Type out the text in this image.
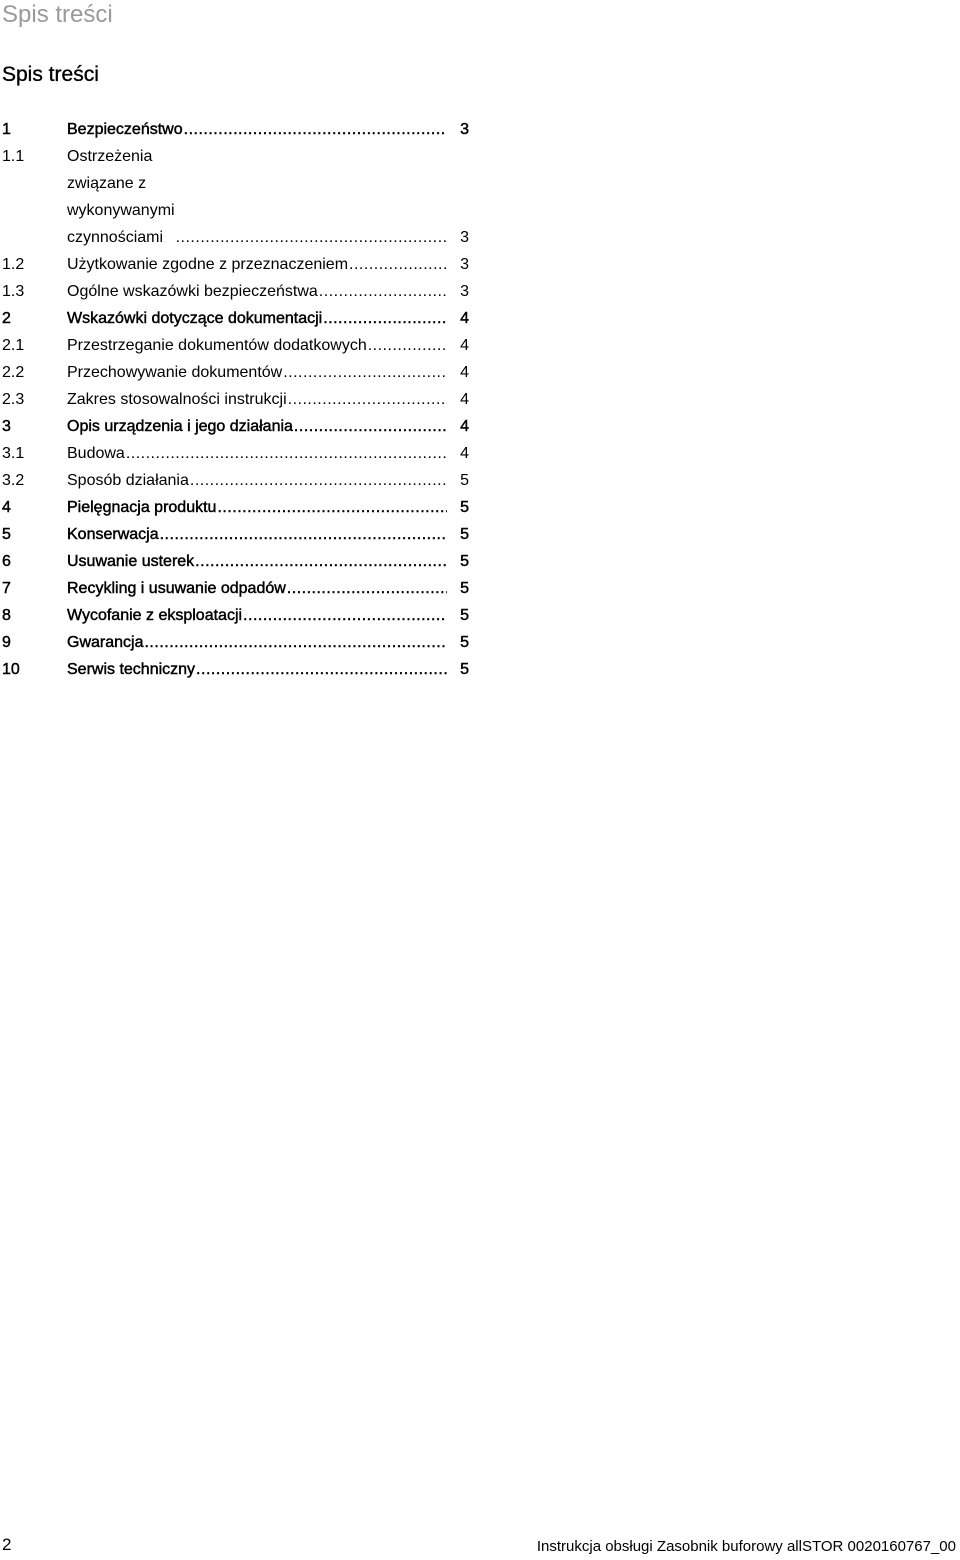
Spis treści
Spis treści
1	Bezpieczeństwo .....	3
1.1	Ostrzeżenia związane z wykonywanymi czynnościami .....	3
1.2	Użytkowanie zgodne z przeznaczeniem .....	3
1.3	Ogólne wskazówki bezpieczeństwa .....	3
2	Wskazówki dotyczące dokumentacji .....	4
2.1	Przestrzeganie dokumentów dodatkowych .....	4
2.2	Przechowywanie dokumentów .....	4
2.3	Zakres stosowalności instrukcji .....	4
3	Opis urządzenia i jego działania .....	4
3.1	Budowa .....	4
3.2	Sposób działania .....	5
4	Pielęgnacja produktu .....	5
5	Konserwacja .....	5
6	Usuwanie usterek .....	5
7	Recykling i usuwanie odpadów .....	5
8	Wycofanie z eksploatacji .....	5
9	Gwarancja .....	5
10	Serwis techniczny .....	5
2	Instrukcja obsługi Zasobnik buforowy allSTOR 0020160767_00
